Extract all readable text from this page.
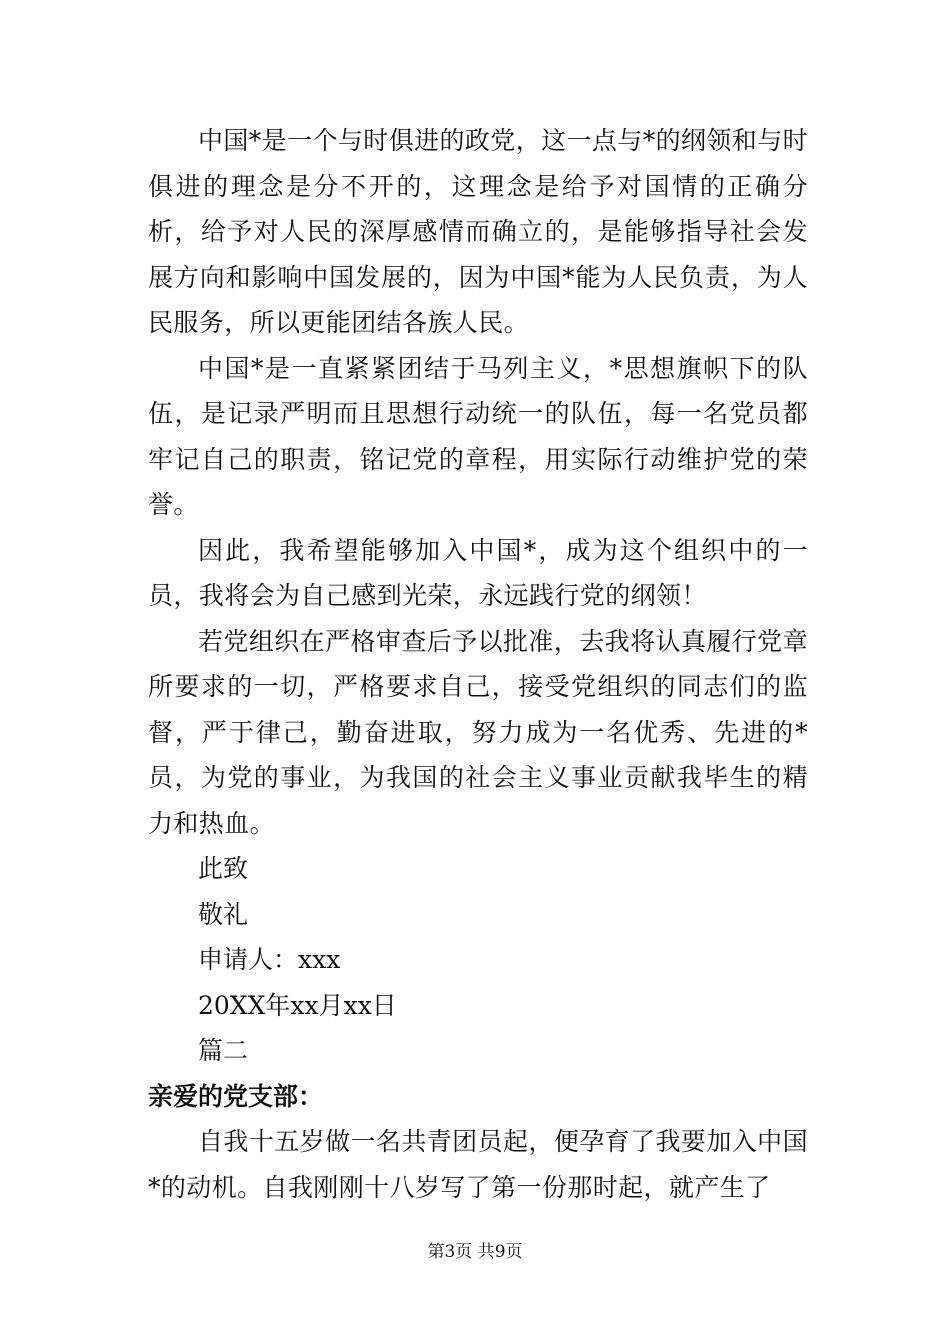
中国*是一个与时俱进的政党，这一点与*的纲领和与时俱进的理念是分不开的，这理念是给予对国情的正确分析，给予对人民的深厚感情而确立的，是能够指导社会发展方向和影响中国发展的，因为中国*能为人民负责，为人民服务，所以更能团结各族人民。

中国*是一直紧紧团结于马列主义，*思想旗帜下的队伍，是记录严明而且思想行动统一的队伍，每一名党员都牢记自己的职责，铭记党的章程，用实际行动维护党的荣誉。

因此，我希望能够加入中国*，成为这个组织中的一员，我将会为自己感到光荣，永远践行党的纲领！

若党组织在严格审查后予以批准，去我将认真履行党章所要求的一切，严格要求自己，接受党组织的同志们的监督，严于律己，勤奋进取，努力成为一名优秀、先进的*员，为党的事业，为我国的社会主义事业贡献我毕生的精力和热血。

此致

敬礼

申请人：xxx

20XX年xx月xx日

篇二

亲爱的党支部：

自我十五岁做一名共青团员起，便孕育了我要加入中国*的动机。自我刚刚十八岁写了第一份那时起，就产生了

第3页 共9页
